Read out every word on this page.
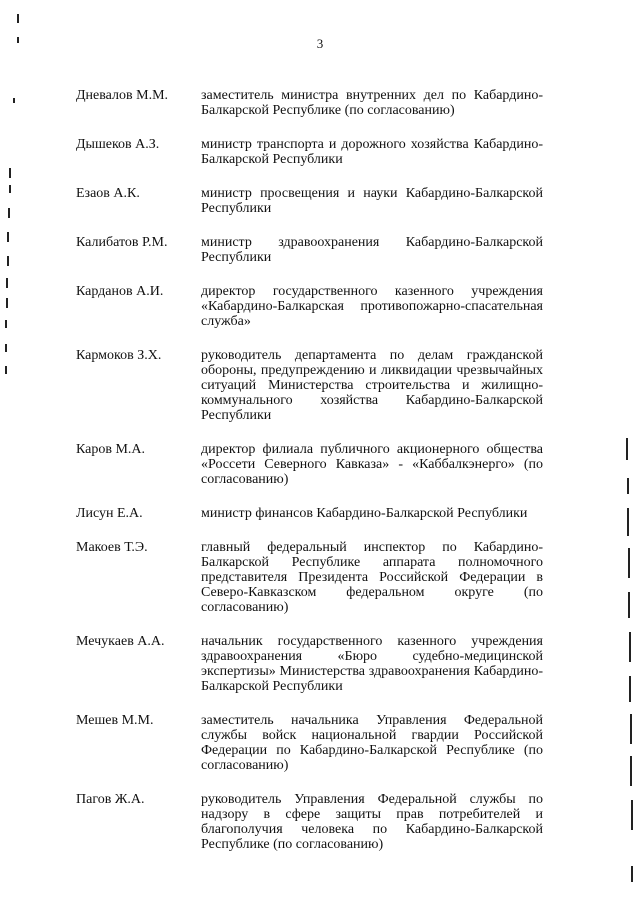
3
Дневалов М.М.	заместитель министра внутренних дел по Кабардино-Балкарской Республике (по согласованию)
Дышеков А.З.	министр транспорта и дорожного хозяйства Кабардино-Балкарской Республики
Езаов А.К.	министр просвещения и науки Кабардино-Балкарской Республики
Калибатов Р.М.	министр здравоохранения Кабардино-Балкарской Республики
Карданов А.И.	директор государственного казенного учреждения «Кабардино-Балкарская противопожарно-спасательная служба»
Кармоков З.Х.	руководитель департамента по делам гражданской обороны, предупреждению и ликвидации чрезвычайных ситуаций Министерства строительства и жилищно-коммунального хозяйства Кабардино-Балкарской Республики
Каров М.А.	директор филиала публичного акционерного общества «Россети Северного Кавказа» - «Каббалкэнерго» (по согласованию)
Лисун Е.А.	министр финансов Кабардино-Балкарской Республики
Макоев Т.Э.	главный федеральный инспектор по Кабардино-Балкарской Республике аппарата полномочного представителя Президента Российской Федерации в Северо-Кавказском федеральном округе (по согласованию)
Мечукаев А.А.	начальник государственного казенного учреждения здравоохранения «Бюро судебно-медицинской экспертизы» Министерства здравоохранения Кабардино-Балкарской Республики
Мешев М.М.	заместитель начальника Управления Федеральной службы войск национальной гвардии Российской Федерации по Кабардино-Балкарской Республике (по согласованию)
Пагов Ж.А.	руководитель Управления Федеральной службы по надзору в сфере защиты прав потребителей и благополучия человека по Кабардино-Балкарской Республике (по согласованию)
